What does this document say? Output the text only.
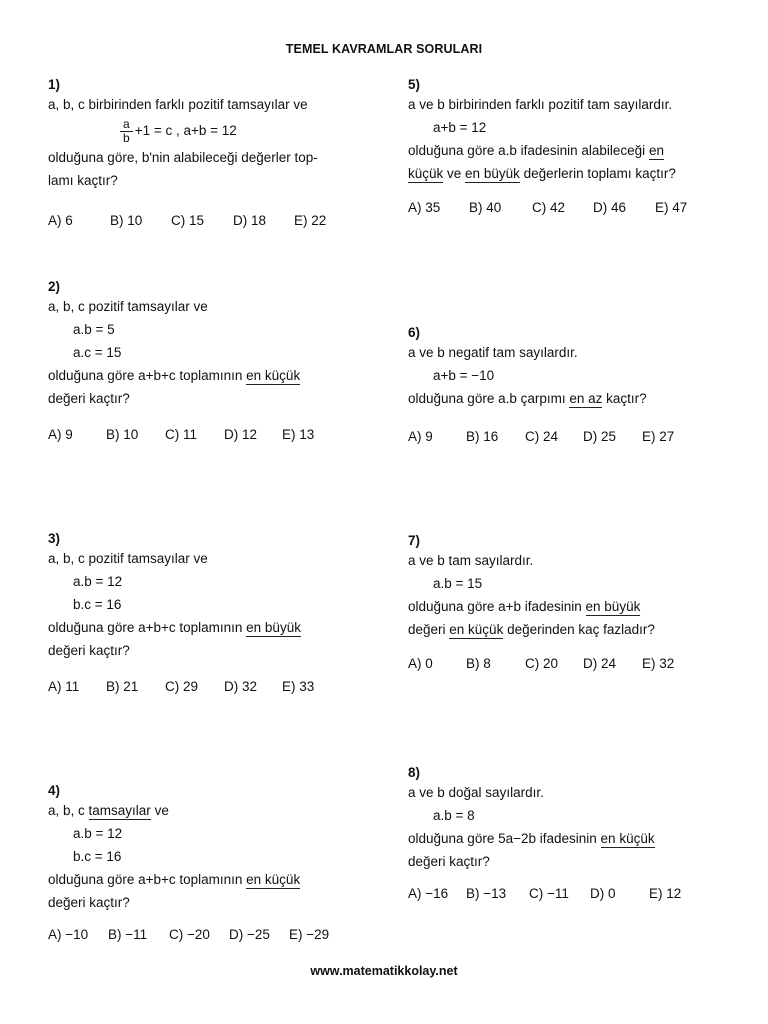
TEMEL KAVRAMLAR SORULARI
1)
a, b, c birbirinden farklı pozitif tamsayılar ve
$\frac{a}{b} +1 = c$ , a+b = 12
olduğuna göre, b'nin alabileceği değerler top-
lamı kaçtır?
A) 6	B) 10 C) 15 D) 18 E) 22
2)
a, b, c pozitif tamsayılar ve
a.b = 5
a.c = 15
olduğuna göre a+b+c toplamının en küçük
değeri kaçtır?
A) 9 B) 10 C) 11 D) 12 E) 13
3)
a, b, c pozitif tamsayılar ve
a.b = 12
b.c = 16
olduğuna göre a+b+c toplamının en büyük
değeri kaçtır?
A) 11 B) 21 C) 29 D) 32 E) 33
4)
a, b, c tamsayılar ve
a.b = 12
b.c = 16
olduğuna göre a+b+c toplamının en küçük
değeri kaçtır?
A) −10 B) −11 C) −20 D) −25 E) −29
5)
a ve b birbirinden farklı pozitif tam sayılardır.
a+b = 12
olduğuna göre a.b ifadesinin alabileceği en
küçük ve en büyük değerlerin toplamı kaçtır?
A) 35 B) 40 C) 42 D) 46 E) 47
6)
a ve b negatif tam sayılardır.
a+b = −10
olduğuna göre a.b çarpımı en az kaçtır?
A) 9 B) 16 C) 24 D) 25 E) 27
7)
a ve b tam sayılardır.
a.b = 15
olduğuna göre a+b ifadesinin en büyük
değeri en küçük değerinden kaç fazladır?
A) 0 B) 8	C) 20 D) 24 E) 32
8)
a ve b doğal sayılardır.
a.b = 8
olduğuna göre 5a−2b ifadesinin en küçük
değeri kaçtır?
A) −16 B) −13 C) −11 D) 0 E) 12
www.matematikkolay.net
